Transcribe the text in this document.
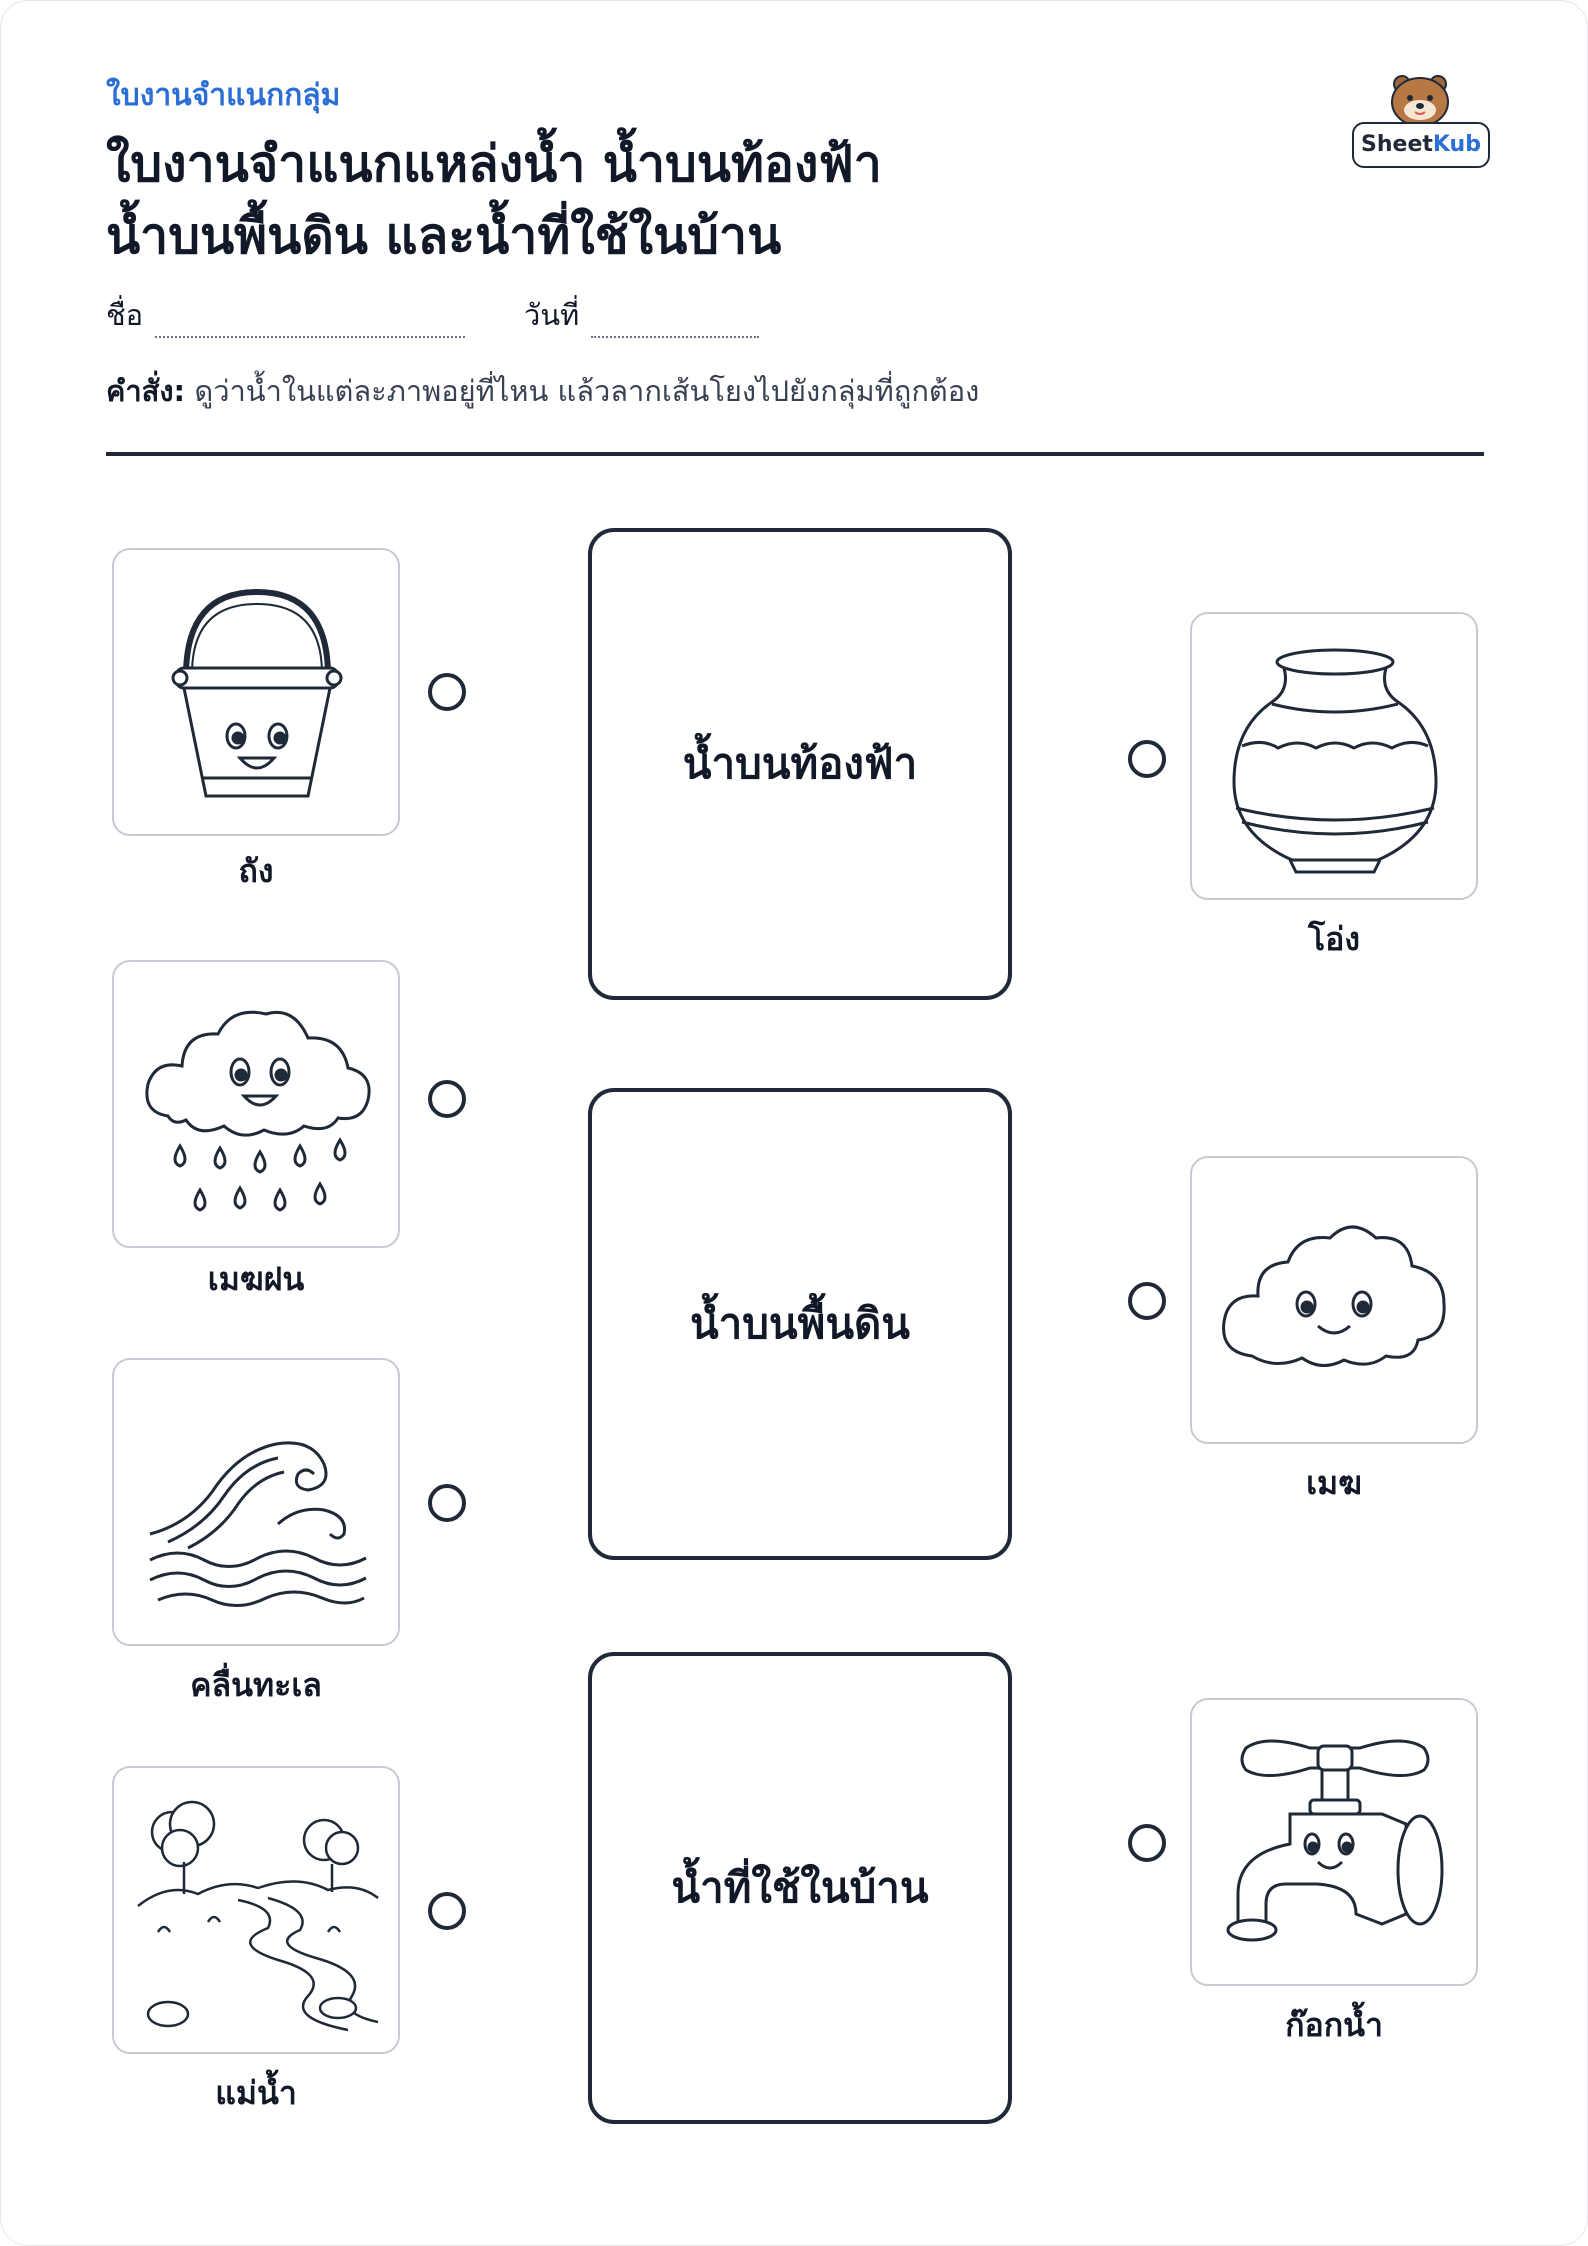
ใบงานจำแนกกลุ่ม
ใบงานจำแนกแหล่งน้ำ น้ำบนท้องฟ้า
น้ำบนพื้นดิน และน้ำที่ใช้ในบ้าน
SheetKub
ชื่อ	วันที่
คำสั่ง: ดูว่าน้ำในแต่ละภาพอยู่ที่ไหน แล้วลากเส้นโยงไปยังกลุ่มที่ถูกต้อง
ถัง
เมฆฝน
คลื่นทะเล
แม่น้ำ
น้ำบนท้องฟ้า
น้ำบนพื้นดิน
น้ำที่ใช้ในบ้าน
โอ่ง
เมฆ
ก๊อกน้ำ
